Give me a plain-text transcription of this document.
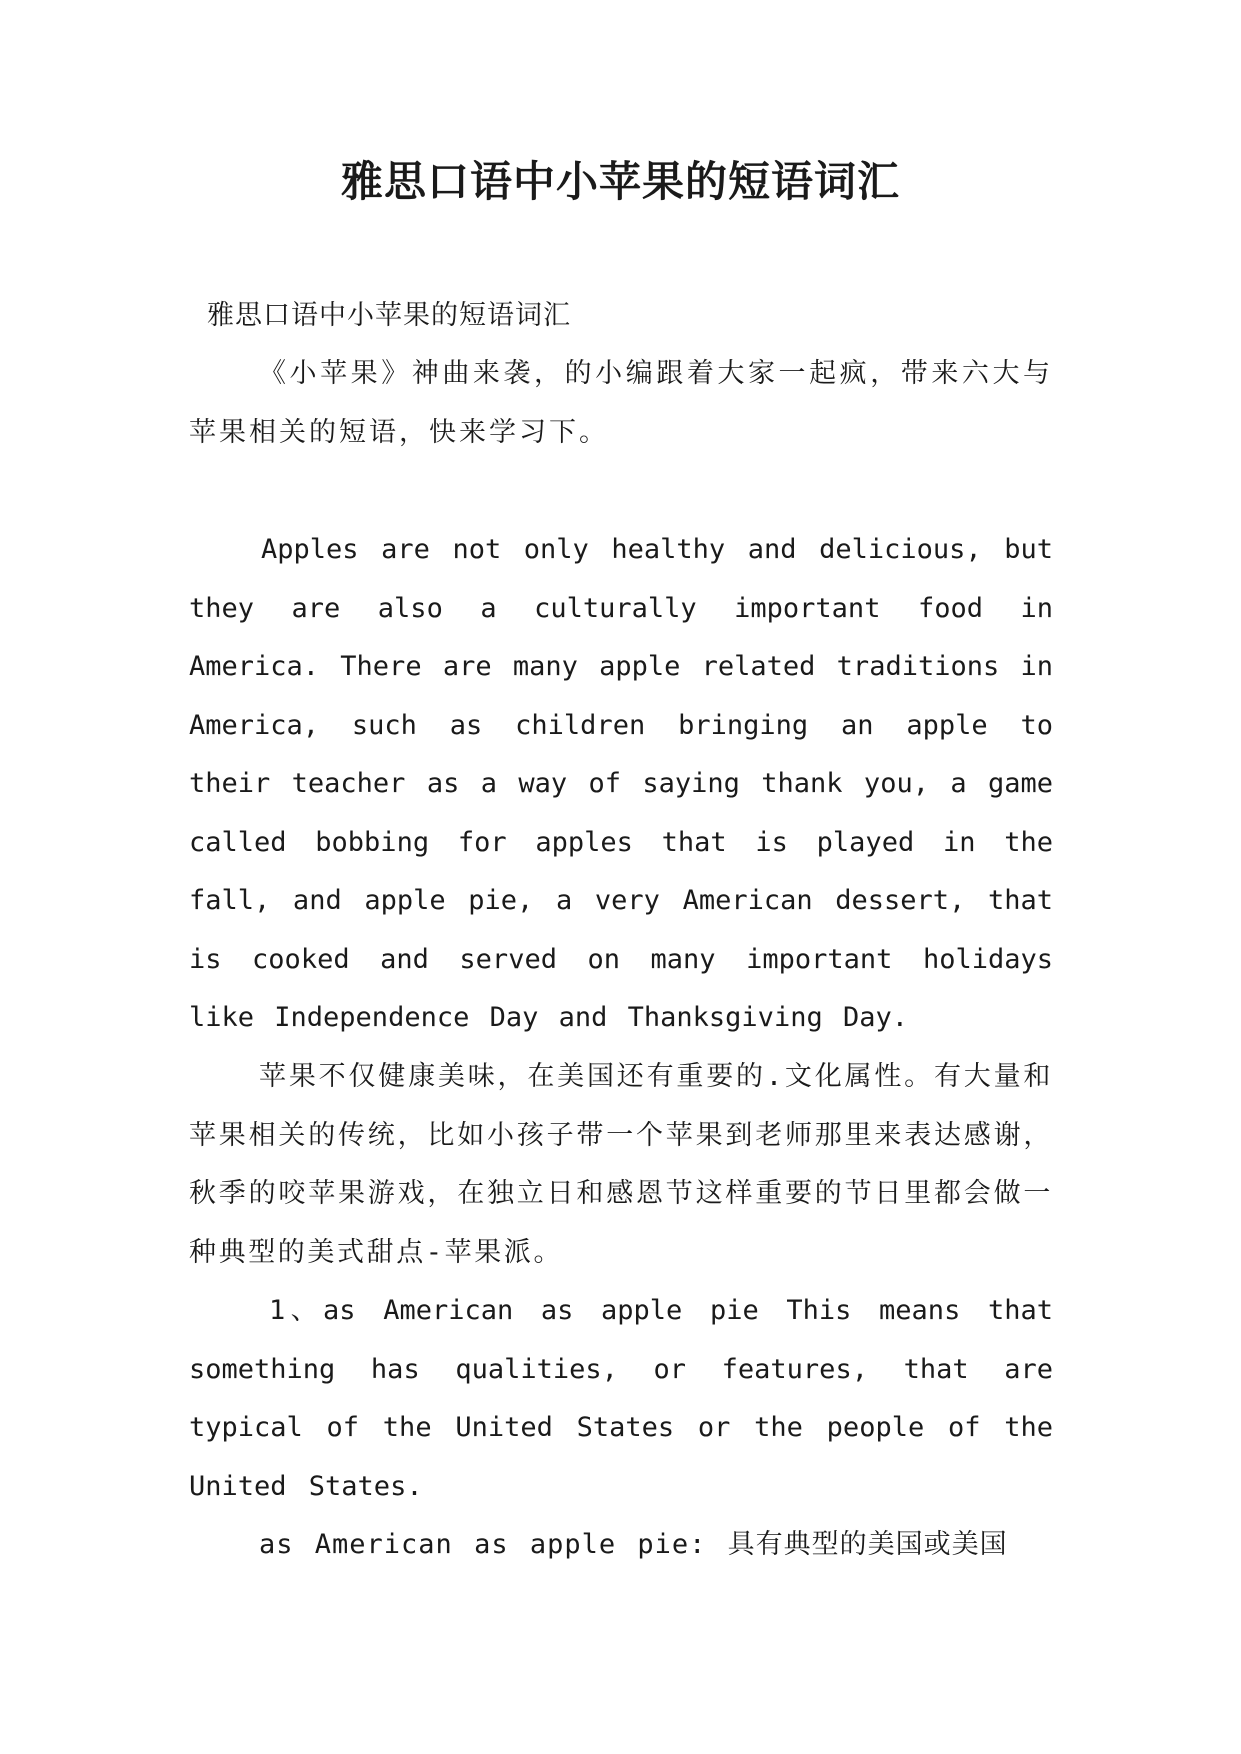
雅思口语中小苹果的短语词汇

雅思口语中小苹果的短语词汇

《小苹果》神曲来袭，的小编跟着大家一起疯，带来六大与苹果相关的短语，快来学习下。

Apples are not only healthy and delicious, but they are also a culturally important food in America. There are many apple related traditions in America, such as children bringing an apple to their teacher as a way of saying thank you, a game called bobbing for apples that is played in the fall, and apple pie, a very American dessert, that is cooked and served on many important holidays like Independence Day and Thanksgiving Day.

苹果不仅健康美味，在美国还有重要的.文化属性。有大量和苹果相关的传统，比如小孩子带一个苹果到老师那里来表达感谢，秋季的咬苹果游戏，在独立日和感恩节这样重要的节日里都会做一种典型的美式甜点-苹果派。

1、as American as apple pie This means that something has qualities, or features, that are typical of the United States or the people of the United States.

as American as apple pie: 具有典型的美国或美国
